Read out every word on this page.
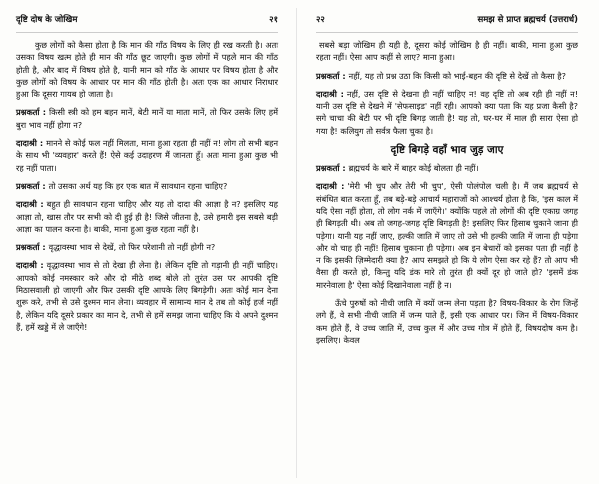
दृष्टि दोष के जोखिम	२१

कुछ लोगों को कैसा होता है कि मान की गाँठ विषय के लिए ही रख करती है। अतः उसका विषय खत्म होते ही मान की गाँठ छूट जाएगी। कुछ लोगों में पहले मान की गाँठ होती है, और बाद में विषय होते है, यानी मान को गाँठ के आधार पर विषय होता है और कुछ लोगों को विषय के आधार पर मान की गाँठ होती है। अतः एक का आधार निराधार हुआ कि दूसरा गायब हो जाता है।

प्रश्नकर्ता : किसी स्त्री को हम बहन मानें, बेटी मानें या माता मानें, तो फिर उसके लिए हमें बुरा भाव नहीं होगा न?

दादाश्री : मानने से कोई फल नहीं मिलता, माना हुआ रहता ही नहीं न! लोग तो सभी बहन के साथ भी 'व्यवहार' करते हैं! ऐसे कई उदाहरण मैं जानता हूँ। अतः माना हुआ कुछ भी रह नहीं पाता।

प्रश्नकर्ता : तो उसका अर्थ यह कि हर एक बात में सावधान रहना चाहिए?

दादाश्री : बहुत ही सावधान रहना चाहिए और यह तो दादा की आज्ञा है न? इसलिए यह आज्ञा तो, खास तौर पर सभी को दी हुई ही है! जिसे जीतना है, उसे हमारी इस सबसे बड़ी आज्ञा का पालन करना है। बाकी, माना हुआ कुछ रहता नहीं है।

प्रश्नकर्ता : वृद्धावस्था भाव से देखें, तो फिर परेशानी तो नहीं होगी न?

दादाश्री : वृद्धावस्था भाव से तो देखा ही लेना है। लेकिन दृष्टि तो गड़ानी ही नहीं चाहिए। आपको कोई नमस्कार करे और दो मीठे शब्द बोले तो तुरंत उस पर आपकी दृष्टि मिठासवाली हो जाएगी और फिर उसकी दृष्टि आपके लिए बिगड़ेगी। अतः कोई मान देना शुरू करे, तभी से उसे दुश्मन मान लेना। व्यवहार में सामान्य मान दे तब तो कोई हर्ज नहीं है, लेकिन यदि दूसरे प्रकार का मान दे, तभी से हमें समझ जाना चाहिए कि ये अपने दुश्मन हैं, हमें खड्डे में ले जाएँगे!

२२	समझ से प्राप्त ब्रह्मचर्य (उत्तरार्ध)

सबसे बड़ा जोखिम ही यही है, दूसरा कोई जोखिम है ही नहीं। बाकी, माना हुआ कुछ रहता नहीं। ऐसा आप कहीं से लाए? माना हुआ।

प्रश्नकर्ता : नहीं, यह तो प्रश्न उठा कि किसी को भाई-बहन की दृष्टि से देखें तो कैसा है?

दादाश्री : नहीं, उस दृष्टि से देखना ही नहीं चाहिए न! वह दृष्टि तो अब रही ही नहीं न! यानी उस दृष्टि से देखने में 'सेफसाइड' नहीं रही। आपको क्या पता कि यह प्रजा कैसी है? सगे चाचा की बेटी पर भी दृष्टि बिगड़ जाती है! यह तो, घर-घर में माल ही सारा ऐसा हो गया है! कलियुग तो सर्वत्र फैला चुका है।

दृष्टि बिगड़े वहाँ भाव जुड़ जाए

प्रश्नकर्ता : ब्रह्मचर्य के बारे में बाहर कोई बोलता ही नहीं।

दादाश्री : 'मेरी भी चुप और तेरी भी चुप', ऐसी पोलंपोल चली है। मैं जब ब्रह्मचर्य से संबंधित बात करता हूँ, तब बड़े-बड़े आचार्य महाराजों को आश्चर्य होता है कि, 'इस काल में यदि ऐसा नहीं होता, तो लोग नर्क में जाएँगे।' क्योंकि पहले तो लोगों की दृष्टि एकाग्र जगह ही बिगड़ती थी। अब तो जगह-जगह दृष्टि बिगड़ती है! इसलिए फिर हिसाब चुकाने जाना ही पड़ेगा। यानी यह नहीं जाए, हल्की जाति में जाए तो उसे भी हल्की जाति में जाना ही पड़ेगा और वो चाह ही नहीं! हिसाब चुकाना ही पड़ेगा। अब इन बेचारों को इसका पता ही नहीं है न कि इसकी ज़िम्मेदारी क्या है? आप समझते हो कि ये लोग ऐसा कर रहे हैं? तो आप भी वैसा ही करते हो, किन्तु यदि डंक मारे तो तुरंत ही क्यों दूर हो जाते हो? 'इसमें डंक मारनेवाला है' ऐसा कोई दिखानेवाला नहीं है न।

ऊँचे पुरुषों को नीची जाति में क्यों जन्म लेना पड़ता है? विषय-विकार के रोग जिन्हें लगे हैं, वे सभी नीची जाति में जन्म पाते हैं, इसी एक आधार पर। जिन में विषय-विकार कम होते हैं, वे उच्च जाति में, उच्च कुल में और उच्च गोत्र में होते हैं, विषयदोष कम है। इसलिए। केवल
